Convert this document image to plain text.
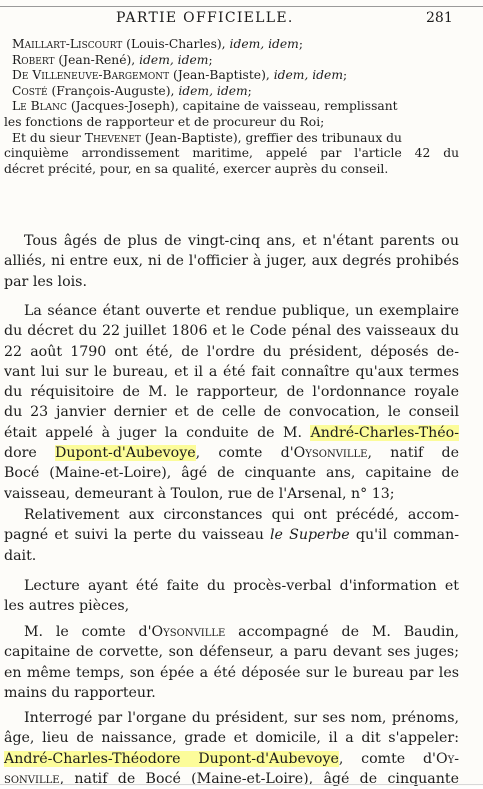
PARTIE OFFICIELLE.	281
Maillart-Liscourt (Louis-Charles), idem, idem;
Robert (Jean-René), idem, idem;
De Villeneuve-Bargemont (Jean-Baptiste), idem, idem;
Costé (François-Auguste), idem, idem;
Le Blanc (Jacques-Joseph), capitaine de vaisseau, remplissant
les fonctions de rapporteur et de procureur du Roi;
Et du sieur Thevenet (Jean-Baptiste), greffier des tribunaux du
cinquième arrondissement maritime, appelé par l'article 42 du
décret précité, pour, en sa qualité, exercer auprès du conseil.
Tous âgés de plus de vingt-cinq ans, et n'étant parents ou
alliés, ni entre eux, ni de l'officier à juger, aux degrés prohibés
par les lois.
La séance étant ouverte et rendue publique, un exemplaire
du décret du 22 juillet 1806 et le Code pénal des vaisseaux du
22 août 1790 ont été, de l'ordre du président, déposés de-
vant lui sur le bureau, et il a été fait connaître qu'aux termes
du réquisitoire de M. le rapporteur, de l'ordonnance royale
du 23 janvier dernier et de celle de convocation, le conseil
était appelé à juger la conduite de M. André-Charles-Théo-
dore Dupont-d'Aubevoye, comte d'Oysonville, natif de
Bocé (Maine-et-Loire), âgé de cinquante ans, capitaine de
vaisseau, demeurant à Toulon, rue de l'Arsenal, n° 13;
Relativement aux circonstances qui ont précédé, accom-
pagné et suivi la perte du vaisseau le Superbe qu'il comman-
dait.
Lecture ayant été faite du procès-verbal d'information et
les autres pièces,
M. le comte d'Oysonville accompagné de M. Baudin,
capitaine de corvette, son défenseur, a paru devant ses juges;
en même temps, son épée a été déposée sur le bureau par les
mains du rapporteur.
Interrogé par l'organe du président, sur ses nom, prénoms,
âge, lieu de naissance, grade et domicile, il a dit s'appeler:
André-Charles-Théodore Dupont-d'Aubevoye, comte d'Oy-
sonville, natif de Bocé (Maine-et-Loire), âgé de cinquante
